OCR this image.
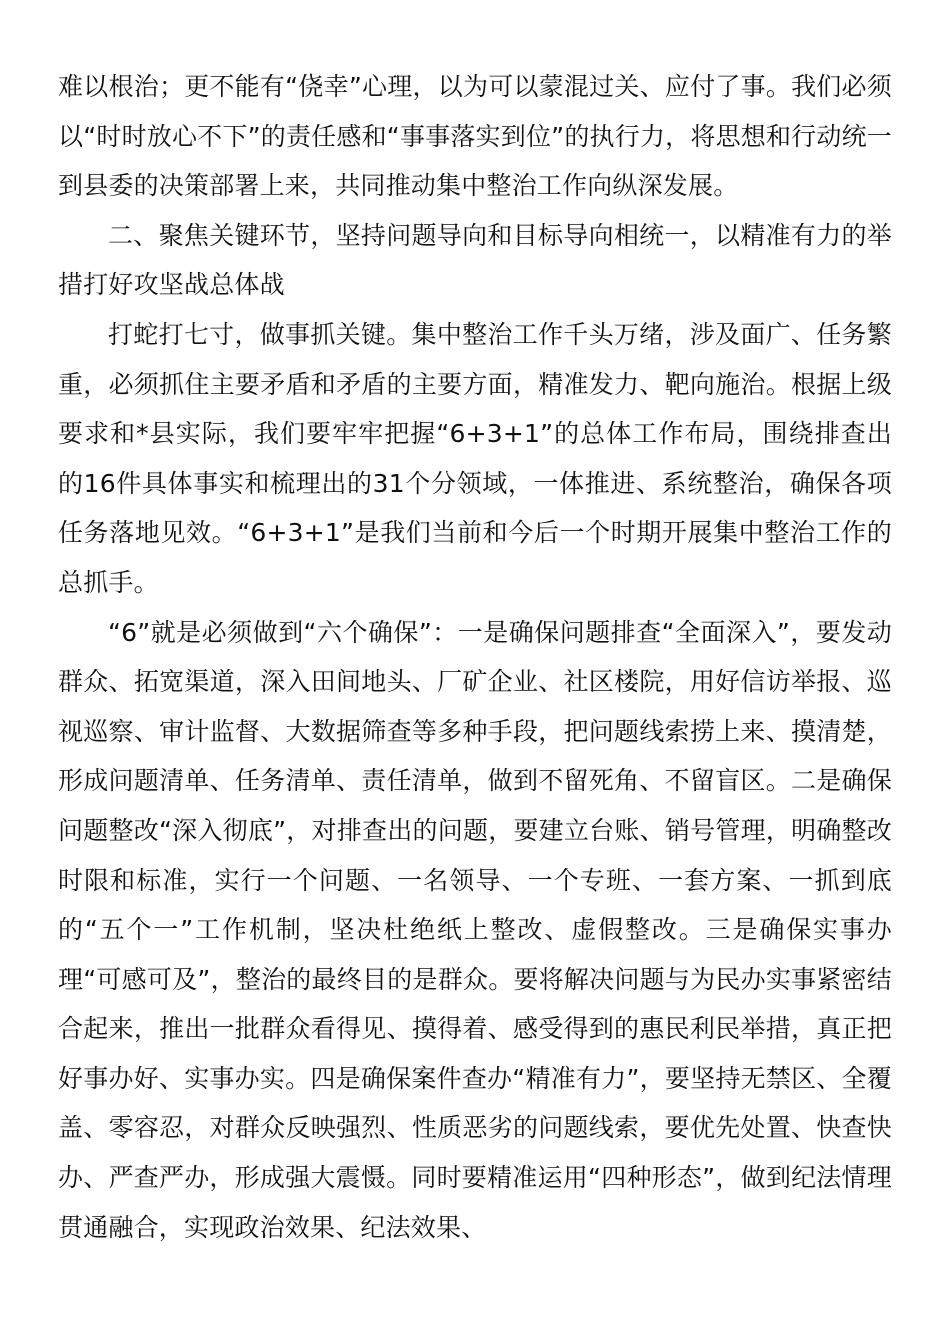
难以根治；更不能有“侥幸”心理，以为可以蒙混过关、应付了事。我们必须以“时时放心不下”的责任感和“事事落实到位”的执行力，将思想和行动统一到县委的决策部署上来，共同推动集中整治工作向纵深发展。

二、聚焦关键环节，坚持问题导向和目标导向相统一，以精准有力的举措打好攻坚战总体战

打蛇打七寸，做事抓关键。集中整治工作千头万绪，涉及面广、任务繁重，必须抓住主要矛盾和矛盾的主要方面，精准发力、靶向施治。根据上级要求和*县实际，我们要牢牢把握“6+3+1”的总体工作布局，围绕排查出的16件具体事实和梳理出的31个分领域，一体推进、系统整治，确保各项任务落地见效。“6+3+1”是我们当前和今后一个时期开展集中整治工作的总抓手。

“6”就是必须做到“六个确保”：一是确保问题排查“全面深入”，要发动群众、拓宽渠道，深入田间地头、厂矿企业、社区楼院，用好信访举报、巡视巡察、审计监督、大数据筛查等多种手段，把问题线索捞上来、摸清楚，形成问题清单、任务清单、责任清单，做到不留死角、不留盲区。二是确保问题整改“深入彻底”，对排查出的问题，要建立台账、销号管理，明确整改时限和标准，实行一个问题、一名领导、一个专班、一套方案、一抓到底的“五个一”工作机制，坚决杜绝纸上整改、虚假整改。三是确保实事办理“可感可及”，整治的最终目的是群众。要将解决问题与为民办实事紧密结合起来，推出一批群众看得见、摸得着、感受得到的惠民利民举措，真正把好事办好、实事办实。四是确保案件查办“精准有力”，要坚持无禁区、全覆盖、零容忍，对群众反映强烈、性质恶劣的问题线索，要优先处置、快查快办、严查严办，形成强大震慑。同时要精准运用“四种形态”，做到纪法情理贯通融合，实现政治效果、纪法效果、
